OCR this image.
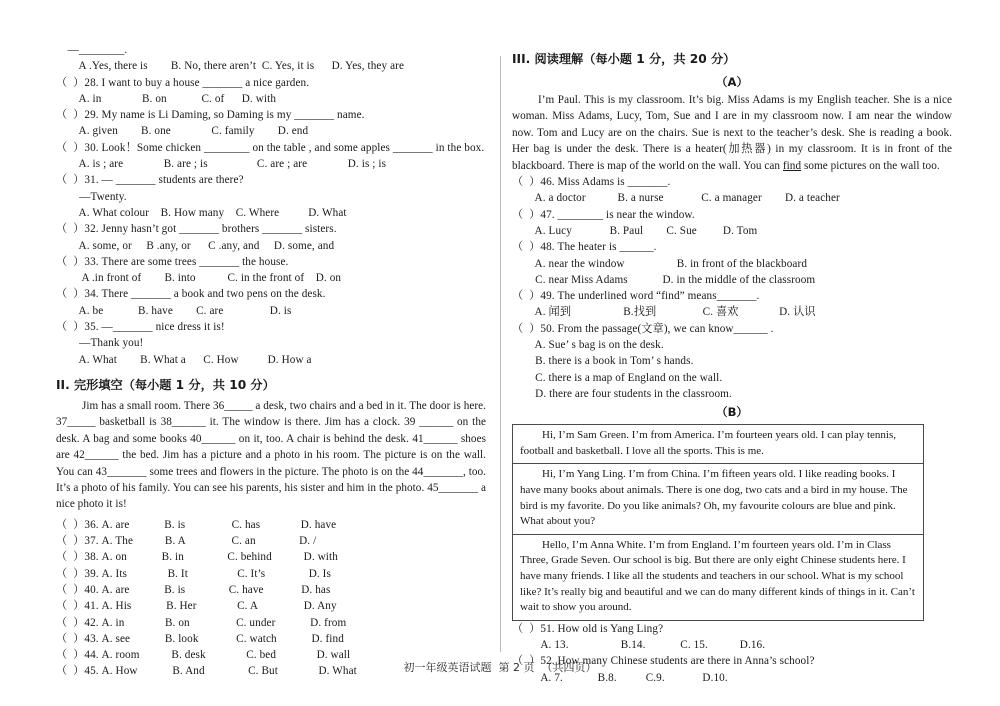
—________.
A .Yes, there is        B. No, there aren’t  C. Yes, it is      D. Yes, they are
（  ）28. I want to buy a house _______ a nice garden.
A. in              B. on            C. of      D. with
（  ）29. My name is Li Daming, so Daming is my _______ name.
A. given        B. one              C. family        D. end
（  ）30. Look！Some chicken ________ on the table , and some apples _______ in the box.
A. is ; are              B. are ; is                 C. are ; are              D. is ; is
（  ）31. — _______ students are there?
—Twenty.
A. What colour    B. How many    C. Where          D. What
（  ）32. Jenny hasn’t got _______ brothers _______ sisters.
A. some, or     B .any, or      C .any, and     D. some, and
（  ）33. There are some trees _______ the house.
A .in front of        B. into           C. in the front of    D. on
（  ）34. There _______ a book and two pens on the desk.
A. be            B. have        C. are                D. is
（  ）35. —_______ nice dress it is!
—Thank you!
A. What        B. What a      C. How          D. How a
II. 完形填空（每小题 1 分，共 10 分）
Jim has a small room. There 36_____ a desk, two chairs and a bed in it. The door is here. 37_____ basketball is 38______ it. The window is there. Jim has a clock. 39 ______ on the desk. A bag and some books 40______ on it, too. A chair is behind the desk. 41______ shoes are 42______ the bed. Jim has a picture and a photo in his room. The picture is on the wall. You can 43_______ some trees and flowers in the picture. The photo is on the 44_______, too. It’s a photo of his family. You can see his parents, his sister and him in the photo. 45_______ a nice photo it is!
（  ）36. A. are            B. is                C. has              D. have
（  ）37. A. The           B. A                C. an               D. /
（  ）38. A. on            B. in               C. behind           D. with
（  ）39. A. Its              B. It                 C. It’s               D. Is
（  ）40. A. are            B. is               C. have             D. has
（  ）41. A. His            B. Her              C. A                D. Any
（  ）42. A. in              B. on                C. under            D. from
（  ）43. A. see            B. look             C. watch            D. find
（  ）44. A. room           B. desk              C. bed              D. wall
（  ）45. A. How            B. And               C. But              D. What
III. 阅读理解（每小题 1 分，共 20 分）
（A）
I’m Paul. This is my classroom. It’s big. Miss Adams is my English teacher. She is a nice woman. Miss Adams, Lucy, Tom, Sue and I are in my classroom now. I am near the window now. Tom and Lucy are on the chairs. Sue is next to the teacher’s desk. She is reading a book. Her bag is under the desk. There is a heater(加热器) in my classroom. It is in front of the blackboard. There is map of the world on the wall. You can find some pictures on the wall too.
（  ）46. Miss Adams is _______.
A. a doctor           B. a nurse             C. a manager        D. a teacher
（  ）47. ________ is near the window.
A. Lucy             B. Paul        C. Sue         D. Tom
（  ）48. The heater is ______.
A. near the window                  B. in front of the blackboard
C. near Miss Adams            D. in the middle of the classroom
（  ）49. The underlined word “find” means_______.
A. 闻到                  B.找到                C. 喜欢              D. 认识
（  ）50. From the passage(文章), we can know______ .
A. Sue’ s bag is on the desk.
B. there is a book in Tom’ s hands.
C. there is a map of England on the wall.
D. there are four students in the classroom.
（B）
Hi, I’m Sam Green. I’m from America. I’m fourteen years old. I can play tennis, football and basketball. I love all the sports. This is me.
Hi, I’m Yang Ling. I’m from China. I’m fifteen years old. I like reading books. I have many books about animals. There is one dog, two cats and a bird in my house. The bird is my favorite. Do you like animals? Oh, my favourite colours are blue and pink. What about you?
Hello, I’m Anna White. I’m from England. I’m fourteen years old. I’m in Class Three, Grade Seven. Our school is big. But there are only eight Chinese students here. I have many friends. I like all the students and teachers in our school. What is my school like? It’s really big and beautiful and we can do many different kinds of things in it. Can’t wait to show you around.
（  ）51. How old is Yang Ling?
A. 13.                  B.14.            C. 15.           D.16.
（  ）52. How many Chinese students are there in Anna’s school?
A. 7.            B.8.          C.9.             D.10.
初一年级英语试题  第 2 页  （共四页）
